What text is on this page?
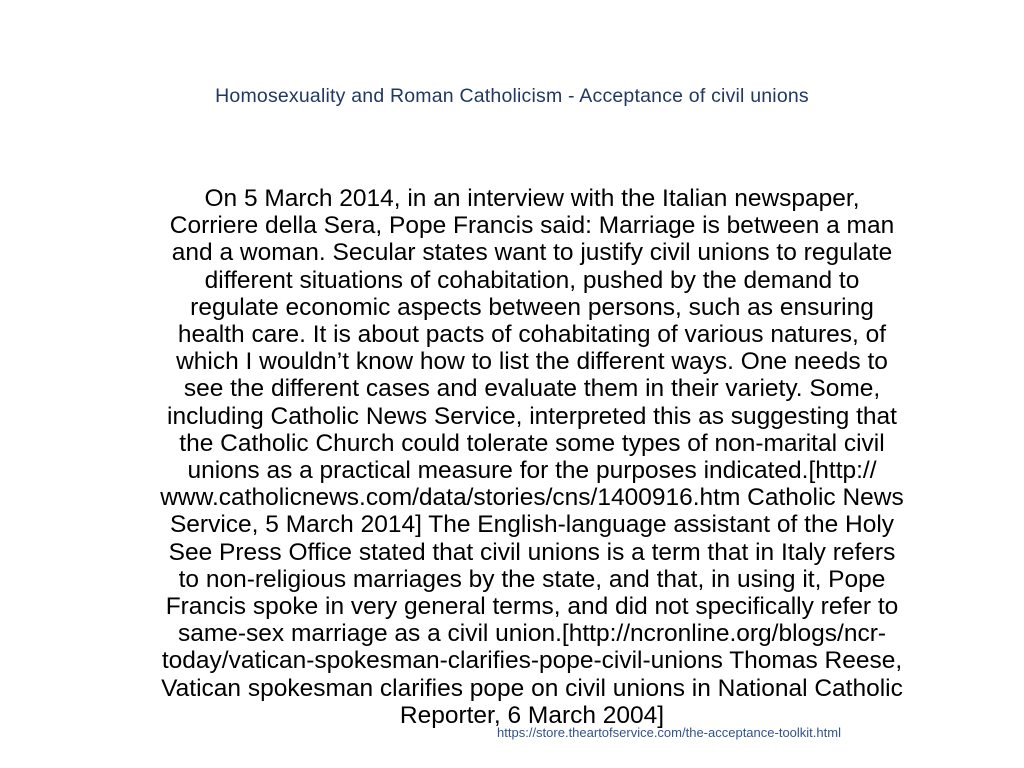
Homosexuality and Roman Catholicism - Acceptance of civil unions
On 5 March 2014, in an interview with the Italian newspaper,
Corriere della Sera, Pope Francis said: Marriage is between a man
and a woman. Secular states want to justify civil unions to regulate
different situations of cohabitation, pushed by the demand to
regulate economic aspects between persons, such as ensuring
health care. It is about pacts of cohabitating of various natures, of
which I wouldn’t know how to list the different ways. One needs to
see the different cases and evaluate them in their variety. Some,
including Catholic News Service, interpreted this as suggesting that
the Catholic Church could tolerate some types of non-marital civil
unions as a practical measure for the purposes indicated.[http://
www.catholicnews.com/data/stories/cns/1400916.htm Catholic News
Service, 5 March 2014] The English-language assistant of the Holy
See Press Office stated that civil unions is a term that in Italy refers
to non-religious marriages by the state, and that, in using it, Pope
Francis spoke in very general terms, and did not specifically refer to
same-sex marriage as a civil union.[http://ncronline.org/blogs/ncr-
today/vatican-spokesman-clarifies-pope-civil-unions Thomas Reese,
Vatican spokesman clarifies pope on civil unions in National Catholic
Reporter, 6 March 2004]
https://store.theartofservice.com/the-acceptance-toolkit.html
